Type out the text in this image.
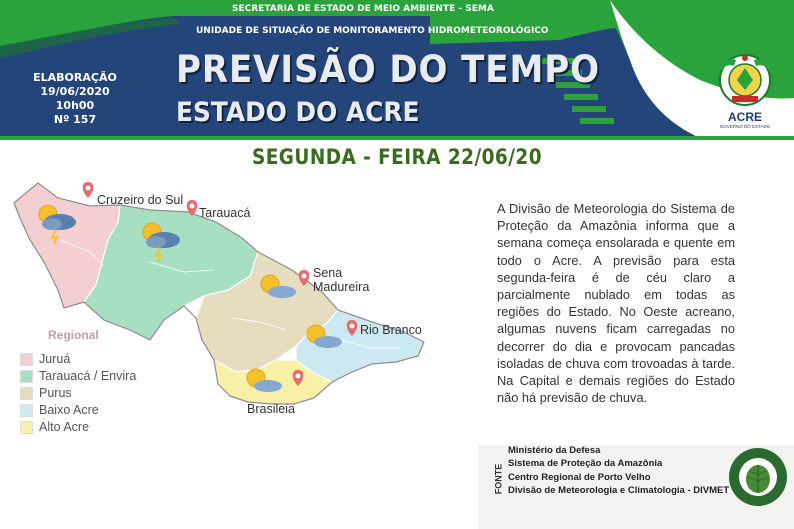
SECRETARIA DE ESTADO DE MEIO AMBIENTE - SEMA
UNIDADE DE SITUAÇÃO DE MONITORAMENTO HIDROMETEOROLÓGICO
ELABORAÇÃO
19/06/2020 10h00
Nº 157
PREVISÃO DO TEMPO
ESTADO DO ACRE	ACRE
GOVERNO DO ESTADO
SEGUNDA - FEIRA 22/06/20
Cruzeiro do Sul
Tarauacá
Sena
Madureira
Rio Branco
Brasileia
Regional
Juruá
Tarauacá / Envira
Purus
Baixo Acre
Alto Acre
A Divisão de Meteorologia do Sistema de Proteção da Amazônia informa que a semana começa ensolarada e quente em todo o Acre. A previsão para esta segunda-feira é de céu claro a parcialmente nublado em todas as regiões do Estado. No Oeste acreano, algumas nuvens ficam carregadas no decorrer do dia e provocam pancadas isoladas de chuva com trovoadas à tarde. Na Capital e demais regiões do Estado não há previsão de chuva.
FONTE
Ministério da Defesa
Sistema de Proteção da Amazônia
Centro Regional de Porto Velho
Divisão de Meteorologia e Climatologia - DIVMET
